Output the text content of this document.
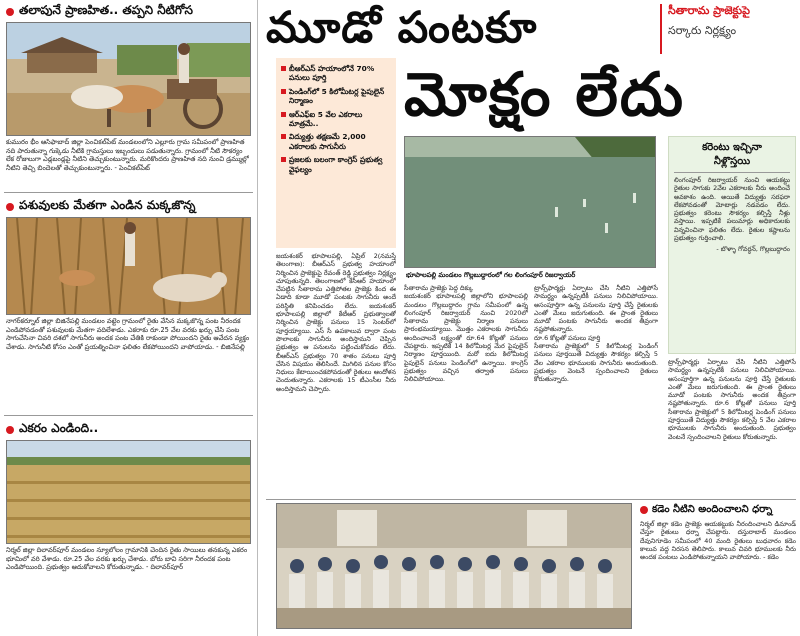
తలాపునే ప్రాణహిత.. తప్పని నీటిగోస
కుమురం భీం ఆసిఫాబాద్ జిల్లా పెంచికల్‌పేట్ మండలంలోని ఎల్లూరు గ్రామ సమీపంలో ప్రాణహిత నది పారుతున్నా గుక్కెడు నీటికి గ్రామస్తులు ఇబ్బందులు పడుతున్నారు. గ్రామంలో నీటి సౌకర్యం లేక రోజులుగా ఎడ్లబండ్లపై నీటిని తెచ్చుకుంటున్నారు. మరికొందరు ప్రాణహిత నది నుంచి డ్రమ్ముల్లో నీటిని తెచ్చి బిందెలతో తెచ్చుకుంటున్నారు. - పెంచికల్‌పేట్
పశువులకు మేతగా ఎండిన మక్కజొన్న
నాగర్‌కర్నూల్ జిల్లా బిజినేపల్లి మండలం వట్టెం గ్రామంలో రైతు వేసిన మక్కజొన్న పంట నీరందక ఎండిపోవడంతో పశువులకు మేతగా వదిలేశాడు. ఎకరాకు రూ.25 వేల వరకు ఖర్చు చేసి పంట సాగుచేసినా చివరి దశలో సాగునీరు అందక పంట చేతికి రాకుండా పోయిందని రైతు ఆవేదన వ్యక్తం చేశాడు. సాగునీటి కోసం ఎంతో ప్రయత్నించినా ఫలితం లేకపోయిందని వాపోయాడు. - బిజినేపల్లి
ఎకరం ఎండింది..
నిర్మల్ జిల్లా దిలావర్‌పూర్ మండలం న్యూలోలం గ్రామానికి చెందిన రైతు సాయిలు తనకున్న ఎకరం భూమిలో వరి వేశాడు. రూ.25 వేల వరకు ఖర్చు చేశాడు. బోరు బావి సరిగా నీరందక పంట ఎండిపోయింది. ప్రభుత్వం ఆదుకోవాలని కోరుతున్నాడు. - దిలావర్‌పూర్
మూడో పంటకూ	సీతారామ ప్రాజెక్టుపై
సర్కారు నిర్లక్ష్యం
మోక్షం లేదు
బీఆర్‌ఎస్ హయాంలోనే 70% పనులు పూర్తి
పెండింగ్‌లో 5 కిలోమీటర్ల పైపులైన్ నిర్మాణం
ఆర్ఎఫ్ఐ 5 వేల ఎకరాలు మాత్రమే..
విద్యుత్తు తక్షణమే 2,000 ఎకరాలకు సాగునీరు
ప్రజలకు బలంగా కాంగ్రెస్ ప్రభుత్వ వైఫల్యం
జయశంకర్ భూపాలపల్లి, ఏప్రిల్ 2(నమస్తే తెలంగాణ): బీఆర్‌ఎస్ ప్రభుత్వ హయాంలో నిర్మించిన ప్రాజెక్టుపై రేవంత్ రెడ్డి ప్రభుత్వం నిర్లక్ష్యం చూపుతున్నది. తెలంగాణలో కేసీఆర్ హయాంలో చేపట్టిన సీతారామ ఎత్తిపోతల ప్రాజెక్టు కింద ఈ ఏడాది కూడా మూడో పంటకు సాగునీరు అందే పరిస్థితి కనిపించడం లేదు. జయశంకర్ భూపాలపల్లి జిల్లాలో కేటీఆర్ ప్రభుత్వాలతో నిర్మించిన ప్రాజెక్టు పనులు 15 సెంటర్‌లో పూర్తయ్యాయి. ఎస్ సీ ఉపకాలువ ద్వారా పంట పొలాలకు సాగునీరు అందిస్తామని చెప్పిన ప్రభుత్వం ఆ పనులను పట్టించుకోవడం లేదు. బీఆర్‌ఎస్ ప్రభుత్వం 70 శాతం పనులు పూర్తి చేసిన విషయం తెలిసిందే. మిగిలిన పనుల కోసం నిధులు కేటాయించకపోవడంతో రైతులు ఆందోళన చెందుతున్నారు. ఎకరాలకు 15 టీఎంసీల నీరు అందిస్తామని చెప్పారు.
భూపాలపల్లి మండలం గొల్లబుద్దారంలో గల లింగంపూర్ రిజర్వాయర్
సీతారామ ప్రాజెక్టు పెద్ద దిక్కు
జయశంకర్ భూపాలపల్లి జిల్లాలోని భూపాలపల్లి మండలం గొల్లబుద్దారం గ్రామ సమీపంలో ఉన్న లింగంపూర్ రిజర్వాయర్ నుంచి 2020లో సీతారామ ప్రాజెక్టు నిర్మాణ పనులు ప్రారంభమయ్యాయి. మొత్తం ఎకరాలకు సాగునీరు అందించాలనే లక్ష్యంతో రూ.64 కోట్లతో పనులు చేపట్టారు. ఇప్పటికే 14 కిలోమీటర్ల మేర పైపులైన్ నిర్మాణం పూర్తయింది. మరో ఐదు కిలోమీటర్ల పైపులైన్ పనులు పెండింగ్‌లో ఉన్నాయి. కాంగ్రెస్ ప్రభుత్వం వచ్చిన తర్వాత పనులు నిలిచిపోయాయి.
ట్రాన్స్‌ఫార్మర్లు ఏర్పాటు చేసి నీటిని ఎత్తిపోసే సామర్థ్యం ఉన్నప్పటికీ పనులు నిలిచిపోయాయి. అసంపూర్తిగా ఉన్న పనులను పూర్తి చేస్తే రైతులకు ఎంతో మేలు జరుగుతుంది. ఈ ప్రాంత రైతులు మూడో పంటకు సాగునీరు అందక తీవ్రంగా నష్టపోతున్నారు.
రూ.6 కోట్లతో పనులు పూర్తి
సీతారామ ప్రాజెక్టులో 5 కిలోమీటర్ల పెండింగ్ పనులు పూర్తయితే విద్యుత్తు సౌకర్యం కల్పిస్తే 5 వేల ఎకరాల భూములకు సాగునీరు అందుతుంది. ప్రభుత్వం వెంటనే స్పందించాలని రైతులు కోరుతున్నారు.
కరెంటు ఇచ్చినా
నీళ్లొస్తయి
లింగంపూర్ రిజర్వాయర్ నుంచి ఆయకట్టు రైతుల సాగుకు 2వేల ఎకరాలకు నీరు అందించే అవకాశం ఉంది. అయితే విద్యుత్తు సరఫరా లేకపోవడంతో మోటార్లు నడవడం లేదు. ప్రభుత్వం కరెంటు సౌకర్యం కల్పిస్తే నీళ్లు వస్తాయి. ఇప్పటికే పలుమార్లు అధికారులకు విన్నవించినా ఫలితం లేదు. రైతుల కష్టాలను ప్రభుత్వం గుర్తించాలి.
- బొళ్ళా గోవర్ధన్, గొల్లబుద్దారం
ట్రాన్స్‌ఫార్మర్లు ఏర్పాటు చేసి నీటిని ఎత్తిపోసే సామర్థ్యం ఉన్నప్పటికీ పనులు నిలిచిపోయాయి. అసంపూర్తిగా ఉన్న పనులను పూర్తి చేస్తే రైతులకు ఎంతో మేలు జరుగుతుంది. ఈ ప్రాంత రైతులు మూడో పంటకు సాగునీరు అందక తీవ్రంగా నష్టపోతున్నారు. రూ.6 కోట్లతో పనులు పూర్తి సీతారామ ప్రాజెక్టులో 5 కిలోమీటర్ల పెండింగ్ పనులు పూర్తయితే విద్యుత్తు సౌకర్యం కల్పిస్తే 5 వేల ఎకరాల భూములకు సాగునీరు అందుతుంది. ప్రభుత్వం వెంటనే స్పందించాలని రైతులు కోరుతున్నారు.
కడెం నీటిని అందించాలని ధర్నా
నిర్మల్ జిల్లా కడెం ప్రాజెక్టు ఆయకట్టుకు నీరందించాలని డిమాండ్ చేస్తూ రైతులు ధర్నా చేపట్టారు. దస్తురాబాద్ మండలం దేవునిగూడెం సమీపంలో 40 మంది రైతులు బుధవారం కడెం కాలువ వద్ద నిరసన తెలిపారు. కాలువ చివరి భూములకు నీరు అందక పంటలు ఎండిపోతున్నాయని వాపోయారు. - కడెం
